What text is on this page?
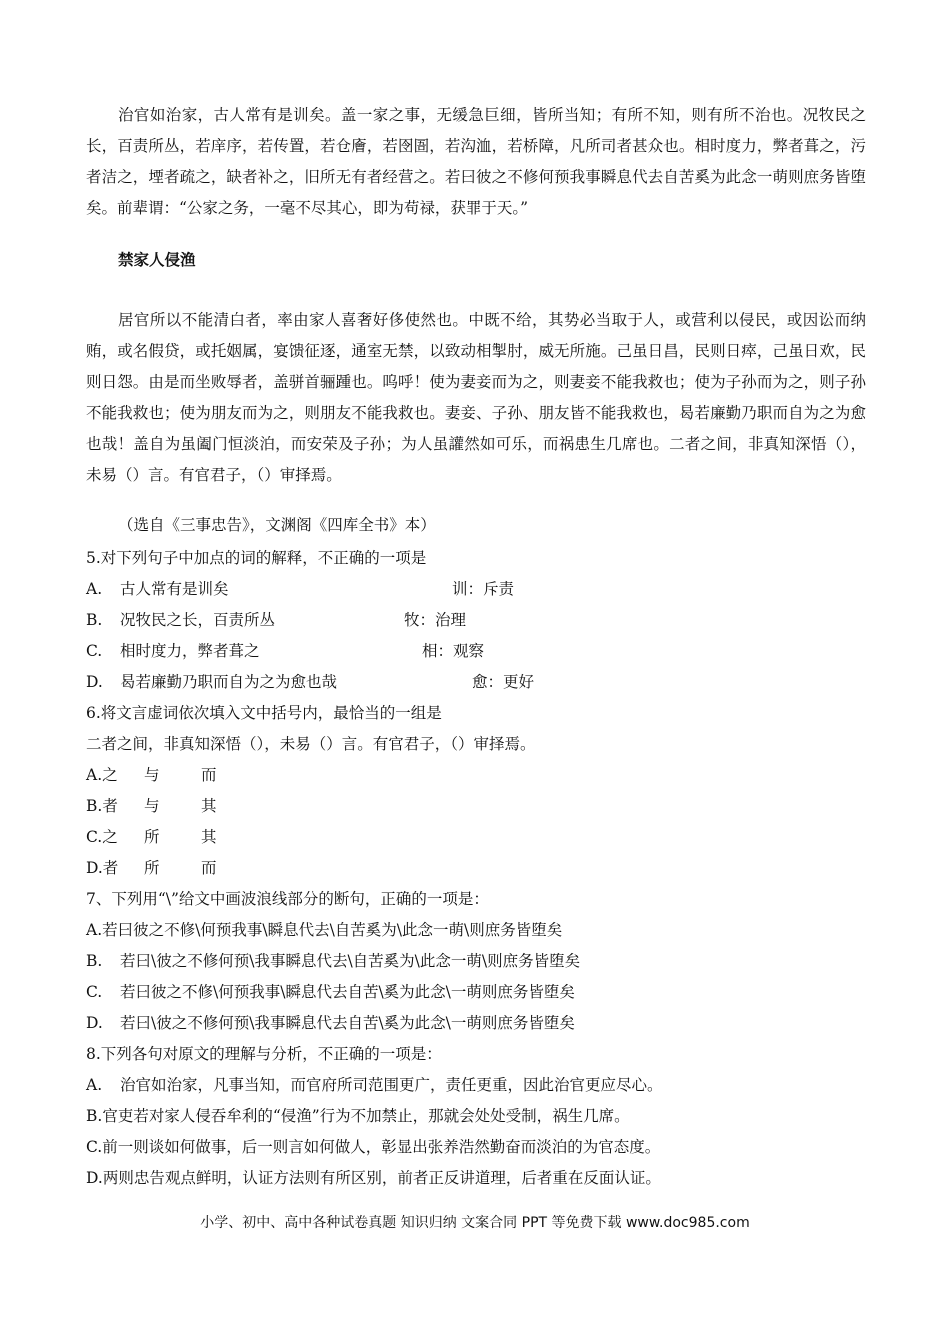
治官如治家，古人常有是训矣。盖一家之事，无缓急巨细，皆所当知；有所不知，则有所不治也。况牧民之长，百责所丛，若庠序，若传置，若仓廥，若囹圄，若沟洫，若桥障，凡所司者甚众也。相时度力，弊者葺之，污者洁之，堙者疏之，缺者补之，旧所无有者经营之。若曰彼之不修何预我事瞬息代去自苦奚为此念一萌则庶务皆堕矣。前辈谓：“公家之务，一毫不尽其心，即为苟禄，获罪于天。”

禁家人侵渔

居官所以不能清白者，率由家人喜奢好侈使然也。中既不给，其势必当取于人，或营利以侵民，或因讼而纳贿，或名假贷，或托姻属，宴馈征逐，通室无禁，以致动相掣肘，威无所施。己虽日昌，民则日瘁，己虽日欢，民则日怨。由是而坐败辱者，盖骈首骊踵也。呜呼！使为妻妾而为之，则妻妾不能我救也；使为子孙而为之，则子孙不能我救也；使为朋友而为之，则朋友不能我救也。妻妾、子孙、朋友皆不能我救也，曷若廉勤乃职而自为之为愈也哉！盖自为虽阖门恒淡泊，而安荣及子孙；为人虽讙然如可乐，而祸患生几席也。二者之间，非真知深悟（），未易（）言。有官君子，（）审择焉。

（选自《三事忠告》，文渊阁《四库全书》本）

5.对下列句子中加点的词的解释，不正确的一项是

A. 古人常有是训矣	训：斥责
B. 况牧民之长，百责所丛	牧：治理
C. 相时度力，弊者葺之	相：观察
D. 曷若廉勤乃职而自为之为愈也哉	愈：更好

6.将文言虚词依次填入文中括号内，最恰当的一组是

二者之间，非真知深悟（），未易（）言。有官君子，（）审择焉。

A.之 与	而

B.者 与	其

C.之 所	其

D.者 所	而

7、下列用“\”给文中画波浪线部分的断句，正确的一项是：

A.若曰彼之不修\何预我事\瞬息代去\自苦奚为\此念一萌\则庶务皆堕矣

B. 若曰\彼之不修何预\我事瞬息代去\自苦奚为\此念一萌\则庶务皆堕矣

C. 若曰彼之不修\何预我事\瞬息代去自苦\奚为此念\一萌则庶务皆堕矣

D. 若曰\彼之不修何预\我事瞬息代去自苦\奚为此念\一萌则庶务皆堕矣

8.下列各句对原文的理解与分析，不正确的一项是：

A. 治官如治家，凡事当知，而官府所司范围更广，责任更重，因此治官更应尽心。

B.官吏若对家人侵吞牟利的“侵渔”行为不加禁止，那就会处处受制，祸生几席。

C.前一则谈如何做事，后一则言如何做人，彰显出张养浩然勤奋而淡泊的为官态度。

D.两则忠告观点鲜明，认证方法则有所区别，前者正反讲道理，后者重在反面认证。

小学、初中、高中各种试卷真题 知识归纳 文案合同 PPT 等免费下载 www.doc985.com
